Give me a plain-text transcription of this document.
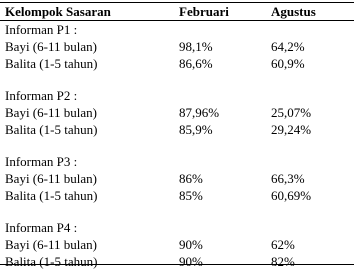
Kelompok Sasaran	Februari	Agustus
Informan P1 :
Bayi (6-11 bulan)	98,1%	64,2%
Balita (1-5 tahun)	86,6%	60,9%
Informan P2 :
Bayi (6-11 bulan)	87,96%	25,07%
Balita (1-5 tahun)	85,9%	29,24%
Informan P3 :
Bayi (6-11 bulan)	86%	66,3%
Balita (1-5 tahun)	85%	60,69%
Informan P4 :
Bayi (6-11 bulan)	90%	62%
Balita (1-5 tahun)	90%	82%
